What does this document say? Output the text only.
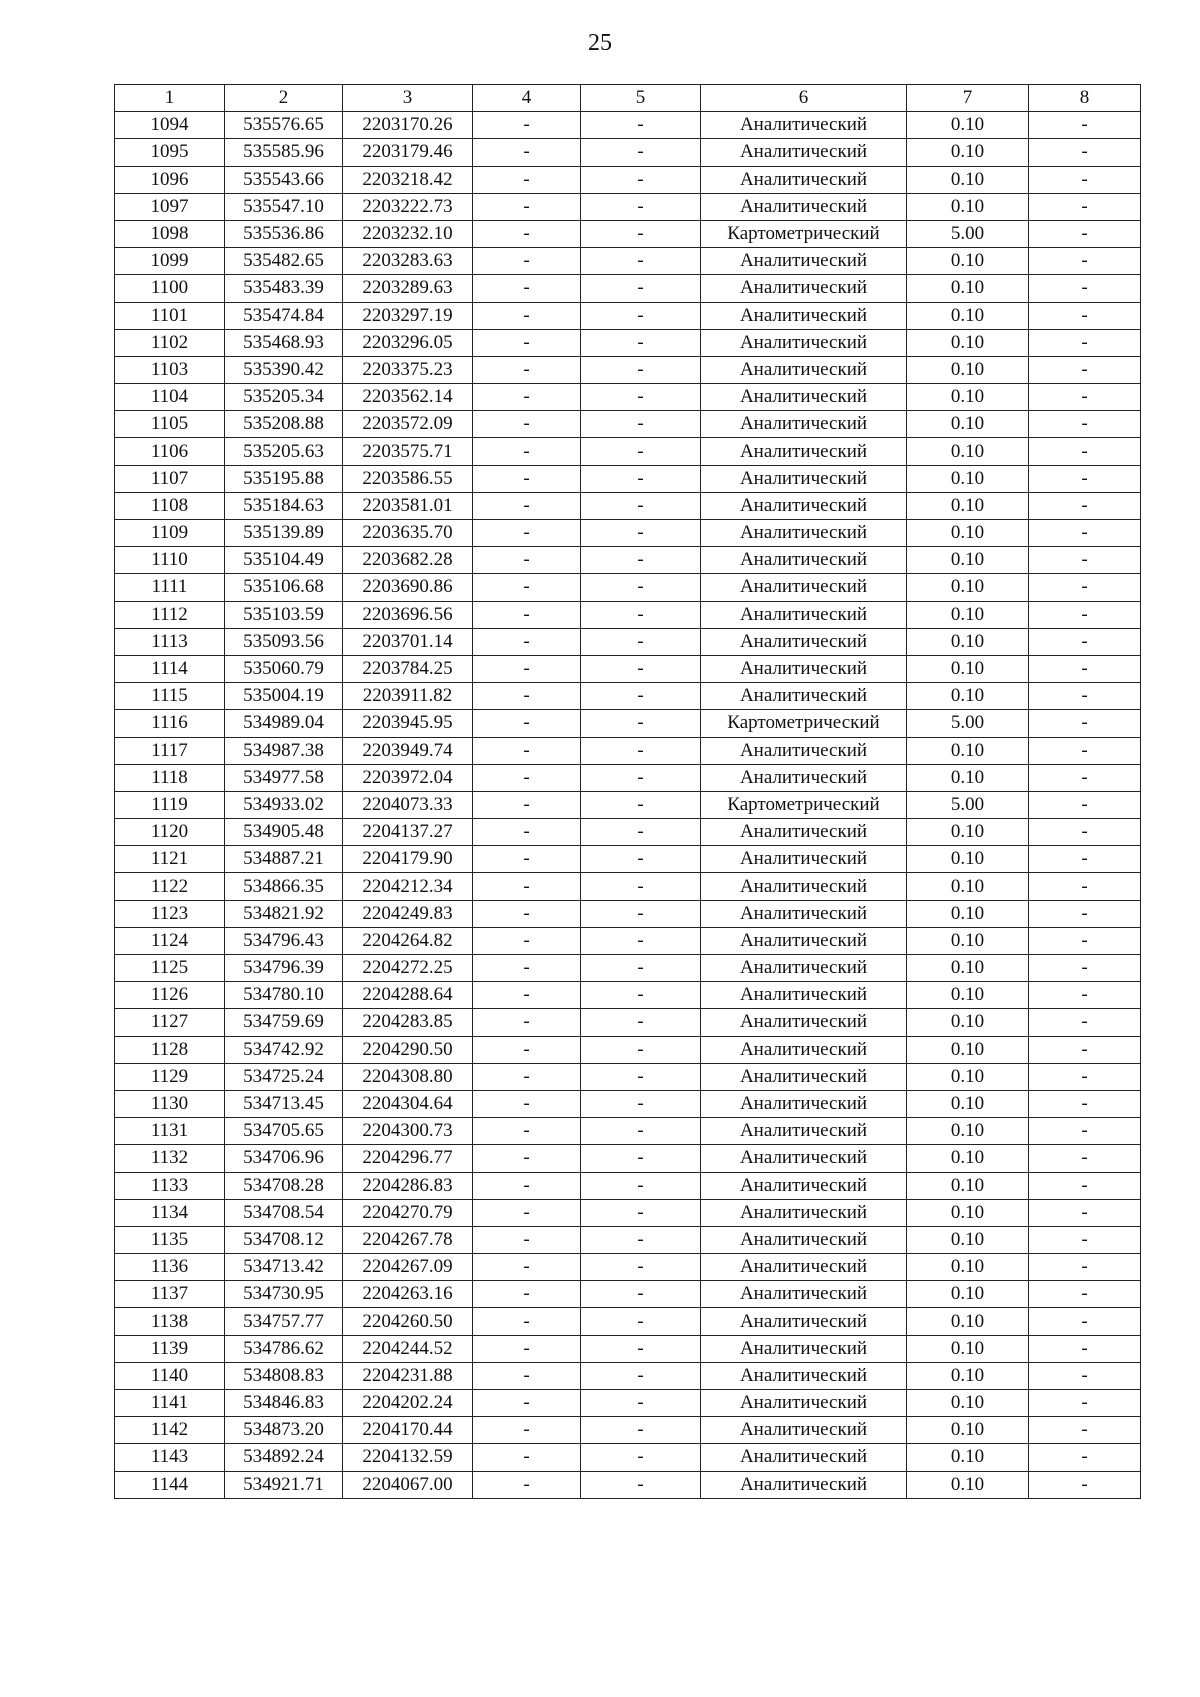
25
1	2	3	4	5	6	7	8
1094	535576.65	2203170.26	-	-	Аналитический	0.10	-
1095	535585.96	2203179.46	-	-	Аналитический	0.10	-
1096	535543.66	2203218.42	-	-	Аналитический	0.10	-
1097	535547.10	2203222.73	-	-	Аналитический	0.10	-
1098	535536.86	2203232.10	-	-	Картометрический	5.00	-
1099	535482.65	2203283.63	-	-	Аналитический	0.10	-
1100	535483.39	2203289.63	-	-	Аналитический	0.10	-
1101	535474.84	2203297.19	-	-	Аналитический	0.10	-
1102	535468.93	2203296.05	-	-	Аналитический	0.10	-
1103	535390.42	2203375.23	-	-	Аналитический	0.10	-
1104	535205.34	2203562.14	-	-	Аналитический	0.10	-
1105	535208.88	2203572.09	-	-	Аналитический	0.10	-
1106	535205.63	2203575.71	-	-	Аналитический	0.10	-
1107	535195.88	2203586.55	-	-	Аналитический	0.10	-
1108	535184.63	2203581.01	-	-	Аналитический	0.10	-
1109	535139.89	2203635.70	-	-	Аналитический	0.10	-
1110	535104.49	2203682.28	-	-	Аналитический	0.10	-
1111	535106.68	2203690.86	-	-	Аналитический	0.10	-
1112	535103.59	2203696.56	-	-	Аналитический	0.10	-
1113	535093.56	2203701.14	-	-	Аналитический	0.10	-
1114	535060.79	2203784.25	-	-	Аналитический	0.10	-
1115	535004.19	2203911.82	-	-	Аналитический	0.10	-
1116	534989.04	2203945.95	-	-	Картометрический	5.00	-
1117	534987.38	2203949.74	-	-	Аналитический	0.10	-
1118	534977.58	2203972.04	-	-	Аналитический	0.10	-
1119	534933.02	2204073.33	-	-	Картометрический	5.00	-
1120	534905.48	2204137.27	-	-	Аналитический	0.10	-
1121	534887.21	2204179.90	-	-	Аналитический	0.10	-
1122	534866.35	2204212.34	-	-	Аналитический	0.10	-
1123	534821.92	2204249.83	-	-	Аналитический	0.10	-
1124	534796.43	2204264.82	-	-	Аналитический	0.10	-
1125	534796.39	2204272.25	-	-	Аналитический	0.10	-
1126	534780.10	2204288.64	-	-	Аналитический	0.10	-
1127	534759.69	2204283.85	-	-	Аналитический	0.10	-
1128	534742.92	2204290.50	-	-	Аналитический	0.10	-
1129	534725.24	2204308.80	-	-	Аналитический	0.10	-
1130	534713.45	2204304.64	-	-	Аналитический	0.10	-
1131	534705.65	2204300.73	-	-	Аналитический	0.10	-
1132	534706.96	2204296.77	-	-	Аналитический	0.10	-
1133	534708.28	2204286.83	-	-	Аналитический	0.10	-
1134	534708.54	2204270.79	-	-	Аналитический	0.10	-
1135	534708.12	2204267.78	-	-	Аналитический	0.10	-
1136	534713.42	2204267.09	-	-	Аналитический	0.10	-
1137	534730.95	2204263.16	-	-	Аналитический	0.10	-
1138	534757.77	2204260.50	-	-	Аналитический	0.10	-
1139	534786.62	2204244.52	-	-	Аналитический	0.10	-
1140	534808.83	2204231.88	-	-	Аналитический	0.10	-
1141	534846.83	2204202.24	-	-	Аналитический	0.10	-
1142	534873.20	2204170.44	-	-	Аналитический	0.10	-
1143	534892.24	2204132.59	-	-	Аналитический	0.10	-
1144	534921.71	2204067.00	-	-	Аналитический	0.10	-
